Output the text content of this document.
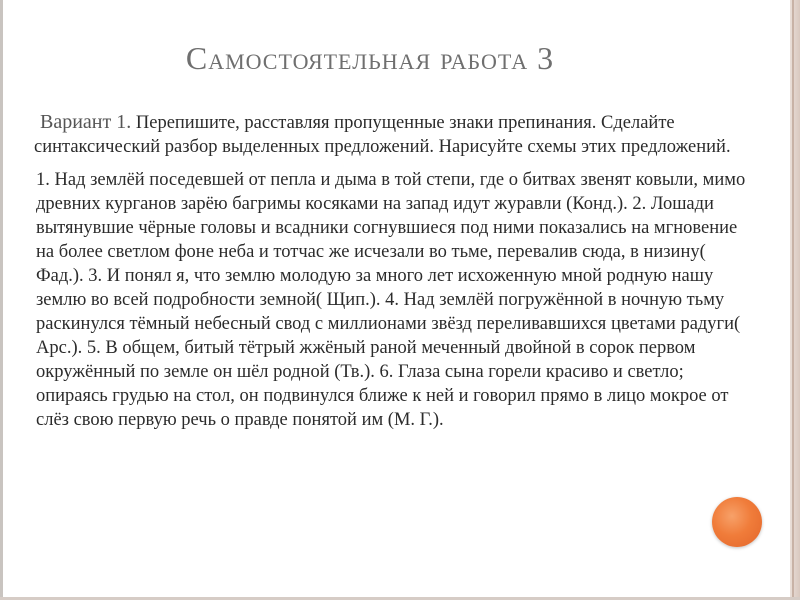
Самостоятельная работа 3

Вариант 1. Перепишите, расставляя пропущенные знаки препинания. Сделайте синтаксический разбор выделенных предложений. Нарисуйте схемы этих предложений.

1. Над землёй поседевшей от пепла и дыма в той степи, где о битвах звенят ковыли, мимо древних курганов зарёю багримы косяками на запад идут журавли (Конд.). 2. Лошади вытянувшие чёрные головы и всадники согнувшиеся под ними показались на мгновение на более светлом фоне неба и тотчас же исчезали во тьме, перевалив сюда, в низину( Фад.). 3. И понял я, что землю молодую за много лет исхоженную мной родную нашу землю во всей подробности земной( Щип.). 4. Над землёй погружённой в ночную тьму раскинулся тёмный небесный свод с миллионами звёзд переливавшихся цветами радуги( Арс.). 5. В общем, битый тётрый жжёный раной меченный двойной в сорок первом окружённый по земле он шёл родной (Тв.). 6. Глаза сына горели красиво и светло; опираясь грудью на стол, он подвинулся ближе к ней и говорил прямо в лицо мокрое от слёз свою первую речь о правде понятой им (М. Г.).
